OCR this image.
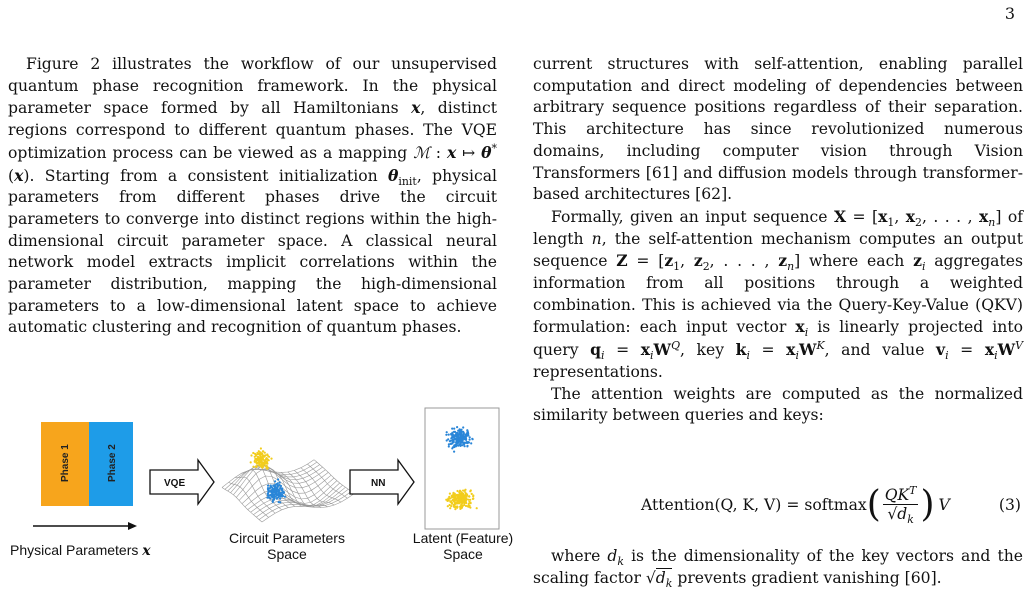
3

Figure 2 illustrates the workflow of our unsupervised quantum phase recognition framework. In the physical parameter space formed by all Hamiltonians x, distinct regions correspond to different quantum phases. The VQE optimization process can be viewed as a mapping ℳ : x ↦ θ*(x). Starting from a consistent initialization $\theta_{init}$, physical parameters from different phases drive the circuit parameters to converge into distinct regions within the high-dimensional circuit parameter space. A classical neural network model extracts implicit correlations within the parameter distribution, mapping the high-dimensional parameters to a low-dimensional latent space to achieve automatic clustering and recognition of quantum phases.

Phase 1	Phase 2
Physical Parameters x
VQE
Circuit Parameters
Space
NN
Latent (Feature)
Space

current structures with self-attention, enabling parallel computation and direct modeling of dependencies between arbitrary sequence positions regardless of their separation. This architecture has since revolutionized numerous domains, including computer vision through Vision Transformers [61] and diffusion models through transformer-based architectures [62].

Formally, given an input sequence $X = [x_1$, $x_2$, . . . , $x_n$] of length n, the self-attention mechanism computes an output sequence $Z = [z_1$, $z_2$, . . . , $z_n$] where each $z_i$ aggregates information from all positions through a weighted combination. This is achieved via the Query-Key-Value (QKV) formulation: each input vector $x_i$ is linearly projected into query $q_i = x_iW^Q$, key $k_i = x_iW^K$, and value $v_i = x_iW^V$ representations.

The attention weights are computed as the normalized similarity between queries and keys:

Attention(Q, K, V) = softmax ( $\frac{QK^T}{√d_k}$ ) V	(3)

where $d_k$ is the dimensionality of the key vectors and the scaling factor $√d_k$ prevents gradient vanishing [60].
